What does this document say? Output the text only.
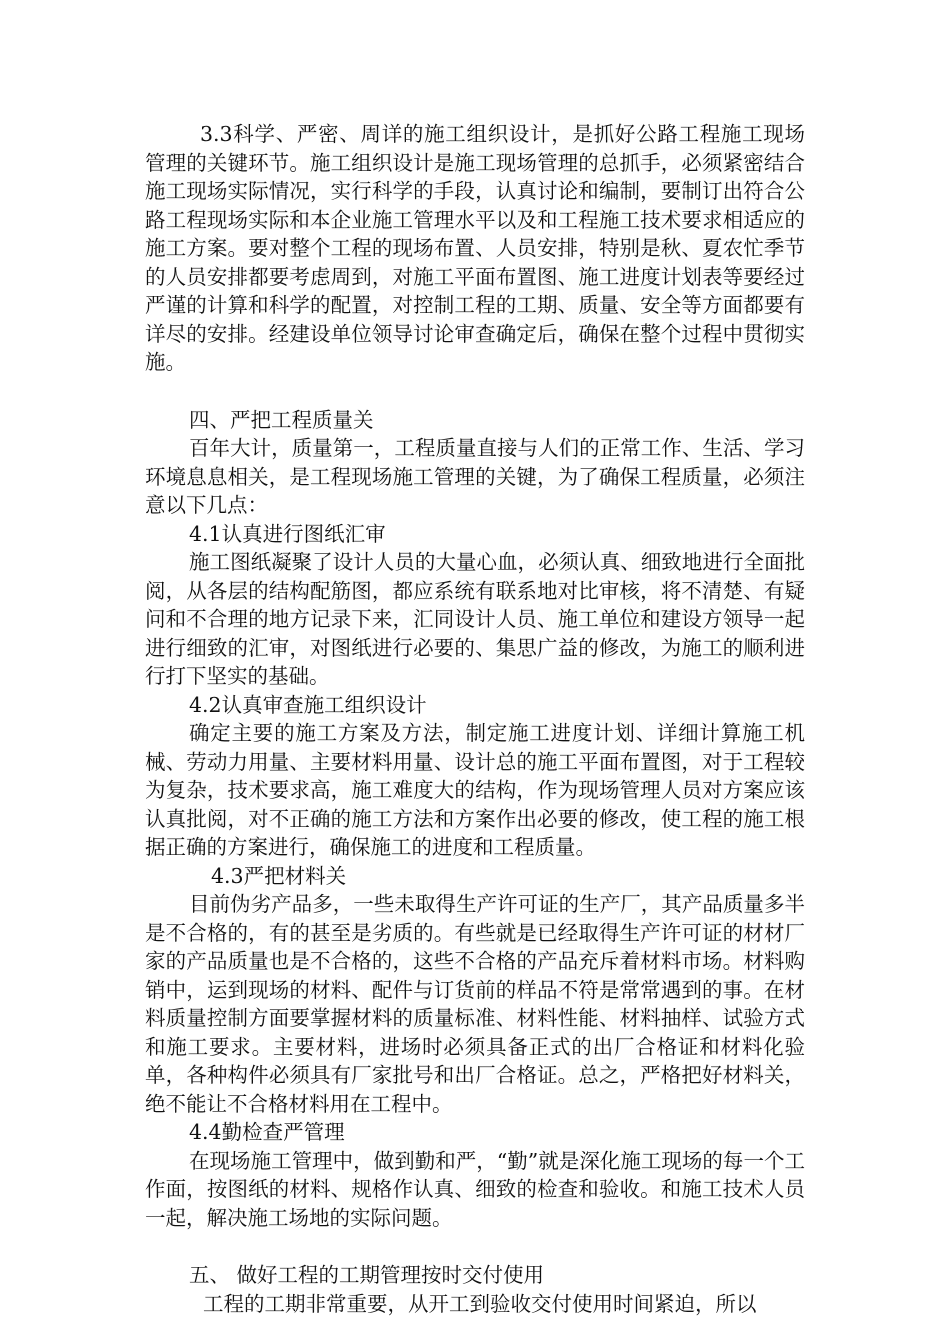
3.3科学、严密、周详的施工组织设计，是抓好公路工程施工现场管理的关键环节。施工组织设计是施工现场管理的总抓手，必须紧密结合施工现场实际情况，实行科学的手段，认真讨论和编制，要制订出符合公路工程现场实际和本企业施工管理水平以及和工程施工技术要求相适应的施工方案。要对整个工程的现场布置、人员安排，特别是秋、夏农忙季节的人员安排都要考虑周到，对施工平面布置图、施工进度计划表等要经过严谨的计算和科学的配置，对控制工程的工期、质量、安全等方面都要有详尽的安排。经建设单位领导讨论审查确定后，确保在整个过程中贯彻实施。

四、严把工程质量关

百年大计，质量第一，工程质量直接与人们的正常工作、生活、学习环境息息相关，是工程现场施工管理的关键，为了确保工程质量，必须注意以下几点：

4.1认真进行图纸汇审

施工图纸凝聚了设计人员的大量心血，必须认真、细致地进行全面批阅，从各层的结构配筋图，都应系统有联系地对比审核，将不清楚、有疑问和不合理的地方记录下来，汇同设计人员、施工单位和建设方领导一起进行细致的汇审，对图纸进行必要的、集思广益的修改，为施工的顺利进行打下坚实的基础。

4.2认真审查施工组织设计

确定主要的施工方案及方法，制定施工进度计划、详细计算施工机械、劳动力用量、主要材料用量、设计总的施工平面布置图，对于工程较为复杂，技术要求高，施工难度大的结构，作为现场管理人员对方案应该认真批阅，对不正确的施工方法和方案作出必要的修改，使工程的施工根据正确的方案进行，确保施工的进度和工程质量。

4.3严把材料关

目前伪劣产品多，一些未取得生产许可证的生产厂，其产品质量多半是不合格的，有的甚至是劣质的。有些就是已经取得生产许可证的材材厂家的产品质量也是不合格的，这些不合格的产品充斥着材料市场。材料购销中，运到现场的材料、配件与订货前的样品不符是常常遇到的事。在材料质量控制方面要掌握材料的质量标准、材料性能、材料抽样、试验方式和施工要求。主要材料，进场时必须具备正式的出厂合格证和材料化验单，各种构件必须具有厂家批号和出厂合格证。总之，严格把好材料关，绝不能让不合格材料用在工程中。

4.4勤检查严管理

在现场施工管理中，做到勤和严，“勤”就是深化施工现场的每一个工作面，按图纸的材料、规格作认真、细致的检查和验收。和施工技术人员一起，解决施工场地的实际问题。

五、 做好工程的工期管理按时交付使用

工程的工期非常重要，从开工到验收交付使用时间紧迫，所以
